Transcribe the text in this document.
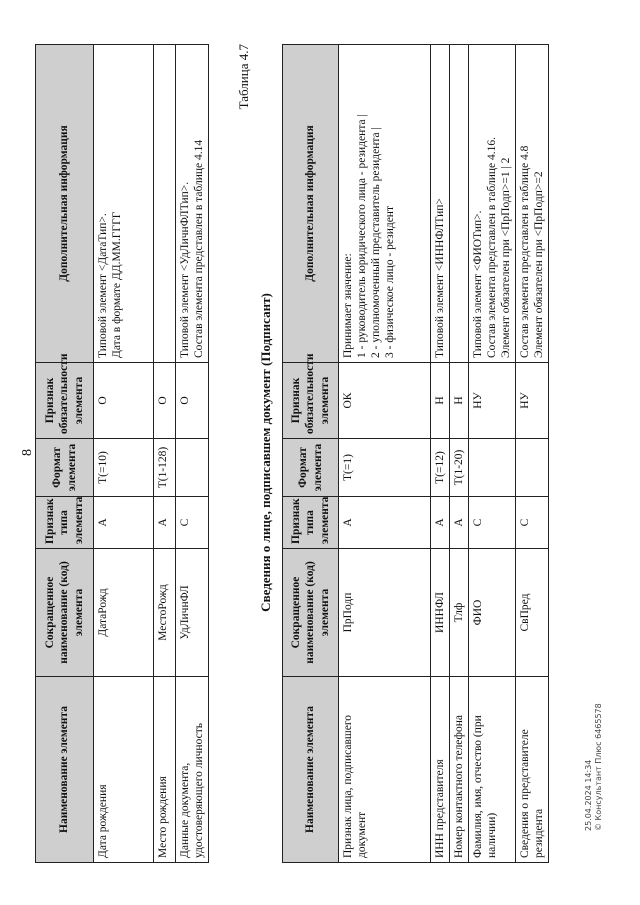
8
Наименование элемента	Сокращенное наименование (код) элемента	Признак типа элемента	Формат элемента	Признак обязательности элемента	Дополнительная информация
Дата рождения	ДатаРожд	А	T(=10)	О	Типовой элемент <ДатаТип>. Дата в формате ДД.ММ.ГГГГ

Место рождения	МестоРожд	А	T(1-128)	О	
Данные документа, удостоверяющего личность	УдЛичнФЛ	С		О	Типовой элемент <УдЛичнФЛТип>. Состав элемента представлен в таблице 4.14
Таблица 4.7
Сведения о лице, подписавшем документ (Подписант)
Наименование элемента	Сокращенное наименование (код) элемента	Признак типа элемента	Формат элемента	Признак обязательности элемента	Дополнительная информация
Признак лица, подписавшего документ	ПрПодп	А	T(=1)	ОК	Принимает значение: 1 - руководитель юридического лица - резидента | 2 - уполномоченный представитель резидента | 3 - физическое лицо - резидент

ИНН представителя	ИННФЛ	А	T(=12)	Н	Типовой элемент <ИННФЛТип>

Номер контактного телефона	Тлф	А	T(1-20)	Н	
Фамилия, имя, отчество (при наличии)	ФИО	С		НУ	Типовой элемент <ФИОТип>. Состав элемента представлен в таблице 4.16. Элемент обязателен при <ПрПодп>=1 | 2

Сведения о представителе резидента	СвПред	С		НУ	Состав элемента представлен в таблице 4.8 Элемент обязателен при <ПрПодп>=2
25.04.2024 14:34 © Консультант Плюс 6465578
